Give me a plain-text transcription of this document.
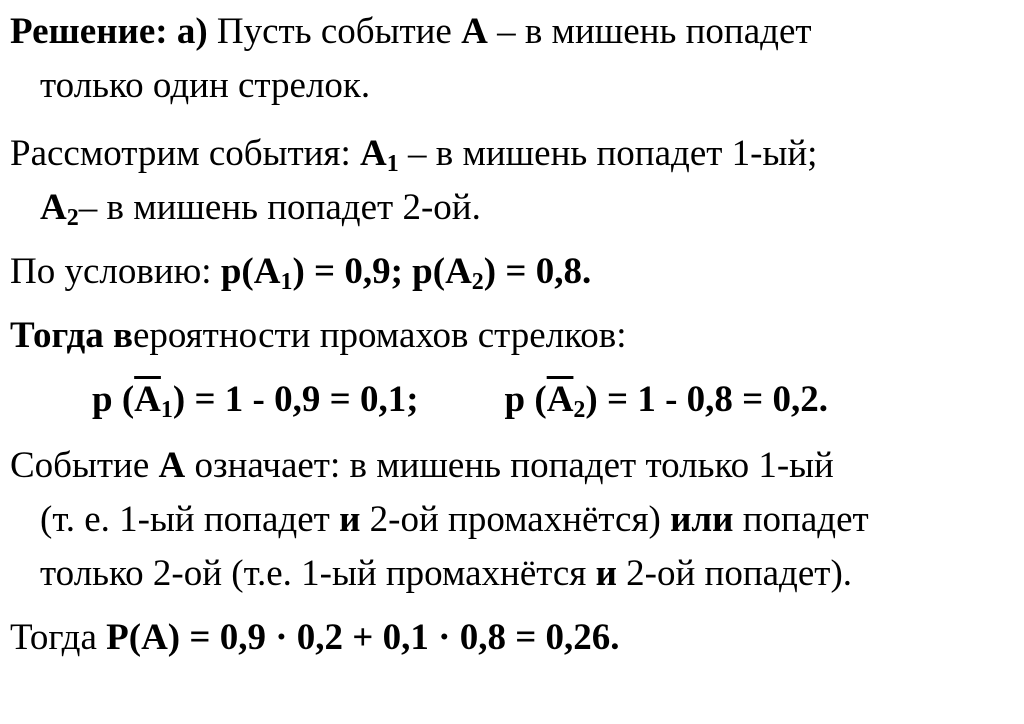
Решение: а) Пусть событие А – в мишень попадет
только один стрелок.
Рассмотрим события: $А_1$ – в мишень попадет 1-ый;
$А_2-$ в мишень попадет 2-ой.
По условию: $р(А_1) = 0,9$; $р(А_2) = 0,8$.
Тогда вероятности промахов стрелков:
р $(А_1) = 1 - 0,9 = 0,1$; р $(А_2) = 1 - 0,8 = 0,2$.
Событие А означает: в мишень попадет только 1-ый
(т. е. 1-ый попадет и 2-ой промахнётся) или попадет
только 2-ой (т.е. 1-ый промахнётся и 2-ой попадет).
Тогда Р(А) = 0,9 · 0,2 + 0,1 · 0,8 = 0,26.
